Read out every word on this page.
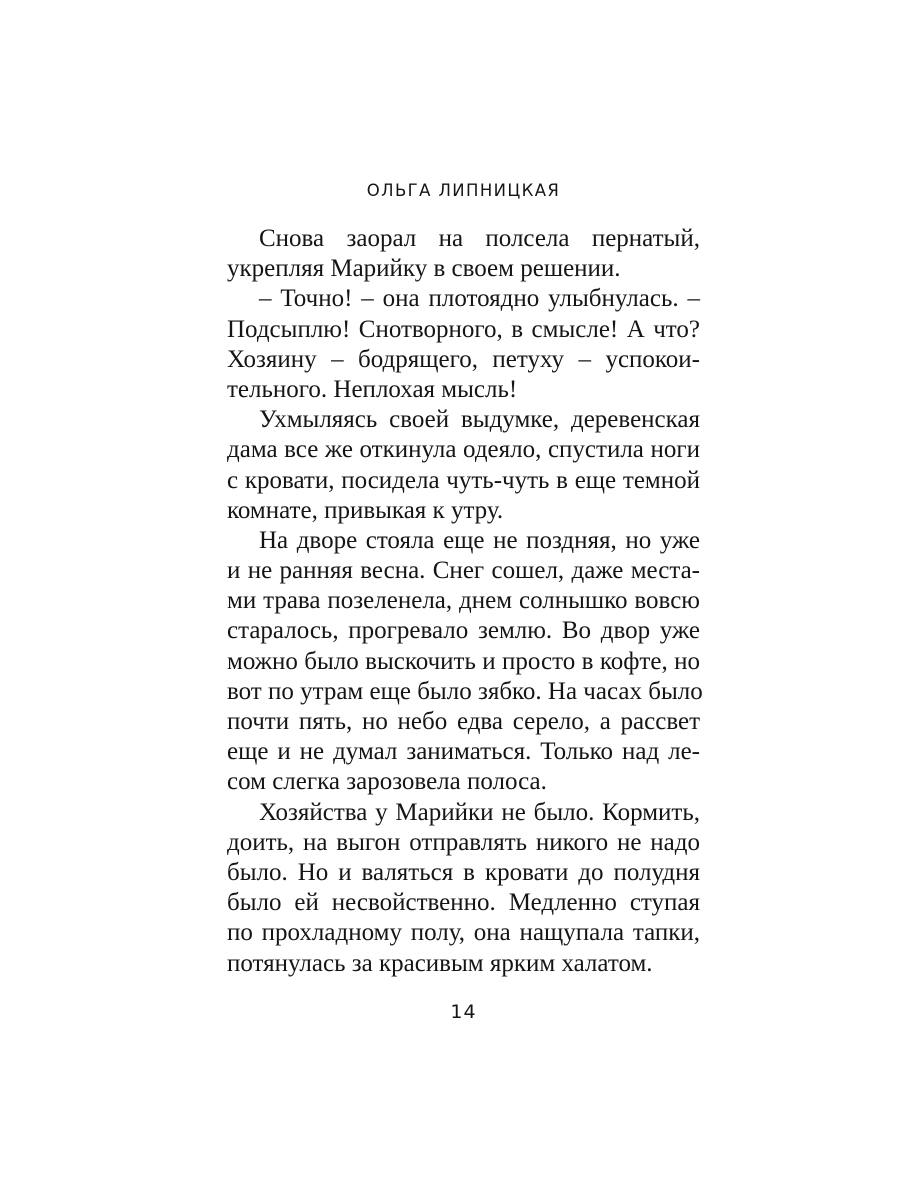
ОЛЬГА ЛИПНИЦКАЯ
Снова заорал на полсела пернатый,
укрепляя Марийку в своем решении.
– Точно! – она плотоядно улыбнулась. –
Подсыплю! Снотворного, в смысле! А что?
Хозяину – бодрящего, петуху – успокои-
тельного. Неплохая мысль!
Ухмыляясь своей выдумке, деревенская
дама все же откинула одеяло, спустила ноги
с кровати, посидела чуть-чуть в еще темной
комнате, привыкая к утру.
На дворе стояла еще не поздняя, но уже
и не ранняя весна. Снег сошел, даже места-
ми трава позеленела, днем солнышко вовсю
старалось, прогревало землю. Во двор уже
можно было выскочить и просто в кофте, но
вот по утрам еще было зябко. На часах было
почти пять, но небо едва серело, а рассвет
еще и не думал заниматься. Только над ле-
сом слегка зарозовела полоса.
Хозяйства у Марийки не было. Кормить,
доить, на выгон отправлять никого не надо
было. Но и валяться в кровати до полудня
было ей несвойственно. Медленно ступая
по прохладному полу, она нащупала тапки,
потянулась за красивым ярким халатом.
14
